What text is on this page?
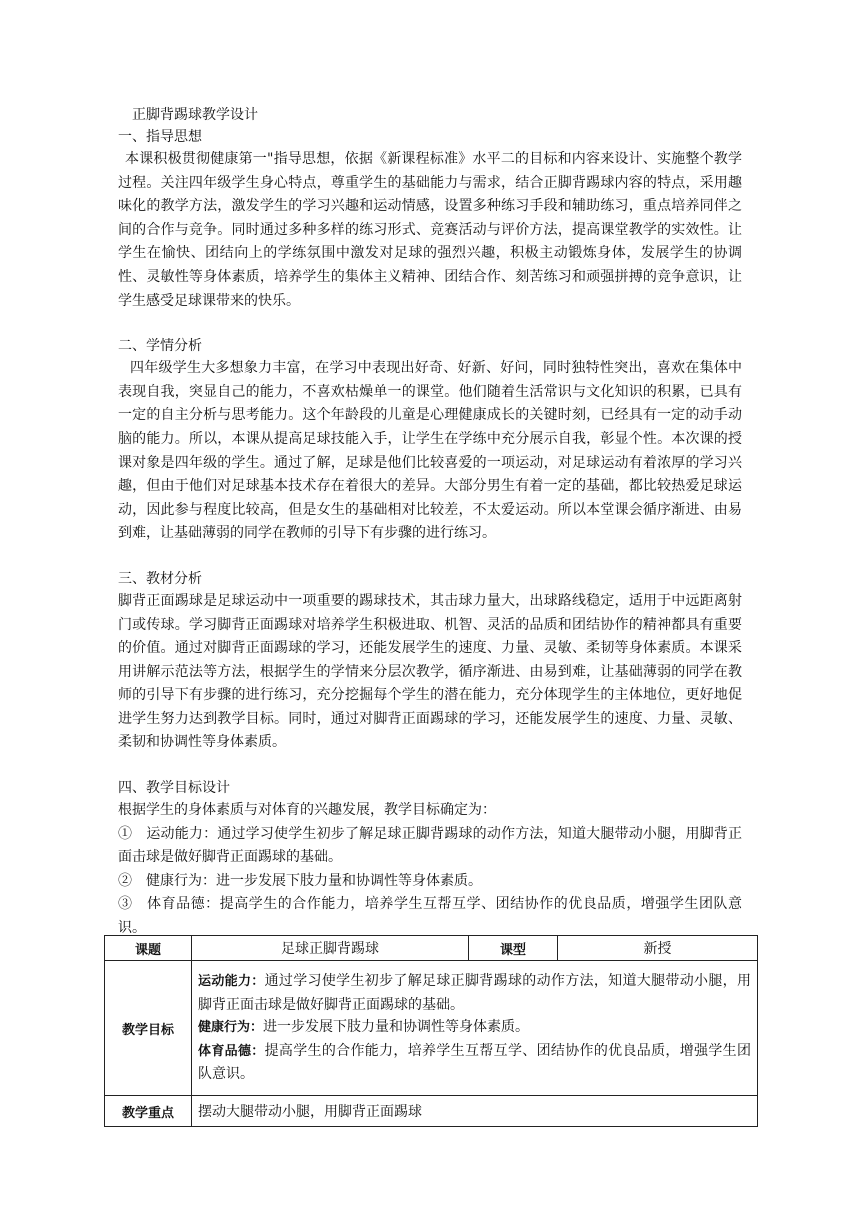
正脚背踢球教学设计
一、指导思想

本课积极贯彻健康第一"指导思想，依据《新课程标准》水平二的目标和内容来设计、实施整个教学过程。关注四年级学生身心特点，尊重学生的基础能力与需求，结合正脚背踢球内容的特点，采用趣味化的教学方法，激发学生的学习兴趣和运动情感，设置多种练习手段和辅助练习，重点培养同伴之间的合作与竞争。同时通过多种多样的练习形式、竞赛活动与评价方法，提高课堂教学的实效性。让学生在愉快、团结向上的学练氛围中激发对足球的强烈兴趣，积极主动锻炼身体，发展学生的协调性、灵敏性等身体素质，培养学生的集体主义精神、团结合作、刻苦练习和顽强拼搏的竞争意识，让学生感受足球课带来的快乐。

二、学情分析

四年级学生大多想象力丰富，在学习中表现出好奇、好新、好问，同时独特性突出，喜欢在集体中表现自我，突显自己的能力，不喜欢枯燥单一的课堂。他们随着生活常识与文化知识的积累，已具有一定的自主分析与思考能力。这个年龄段的儿童是心理健康成长的关键时刻，已经具有一定的动手动脑的能力。所以，本课从提高足球技能入手，让学生在学练中充分展示自我，彰显个性。本次课的授课对象是四年级的学生。通过了解，足球是他们比较喜爱的一项运动，对足球运动有着浓厚的学习兴趣，但由于他们对足球基本技术存在着很大的差异。大部分男生有着一定的基础，都比较热爱足球运动，因此参与程度比较高，但是女生的基础相对比较差，不太爱运动。所以本堂课会循序渐进、由易到难，让基础薄弱的同学在教师的引导下有步骤的进行练习。

三、教材分析

脚背正面踢球是足球运动中一项重要的踢球技术，其击球力量大，出球路线稳定，适用于中远距离射门或传球。学习脚背正面踢球对培养学生积极进取、机智、灵活的品质和团结协作的精神都具有重要的价值。通过对脚背正面踢球的学习，还能发展学生的速度、力量、灵敏、柔韧等身体素质。本课采用讲解示范法等方法，根据学生的学情来分层次教学，循序渐进、由易到难，让基础薄弱的同学在教师的引导下有步骤的进行练习，充分挖掘每个学生的潜在能力，充分体现学生的主体地位，更好地促进学生努力达到教学目标。同时，通过对脚背正面踢球的学习，还能发展学生的速度、力量、灵敏、柔韧和协调性等身体素质。

四、教学目标设计

根据学生的身体素质与对体育的兴趣发展，教学目标确定为：

①　运动能力：通过学习使学生初步了解足球正脚背踢球的动作方法，知道大腿带动小腿，用脚背正面击球是做好脚背正面踢球的基础。

②　健康行为：进一步发展下肢力量和协调性等身体素质。

③　体育品德：提高学生的合作能力，培养学生互帮互学、团结协作的优良品质，增强学生团队意识。

课题	足球正脚背踢球	课型	新授
教学目标	运动能力：通过学习使学生初步了解足球正脚背踢球的动作方法，知道大腿带动小腿，用脚背正面击球是做好脚背正面踢球的基础。
健康行为：进一步发展下肢力量和协调性等身体素质。
体育品德：提高学生的合作能力，培养学生互帮互学、团结协作的优良品质，增强学生团队意识。		

教学重点	摆动大腿带动小腿，用脚背正面踢球		
